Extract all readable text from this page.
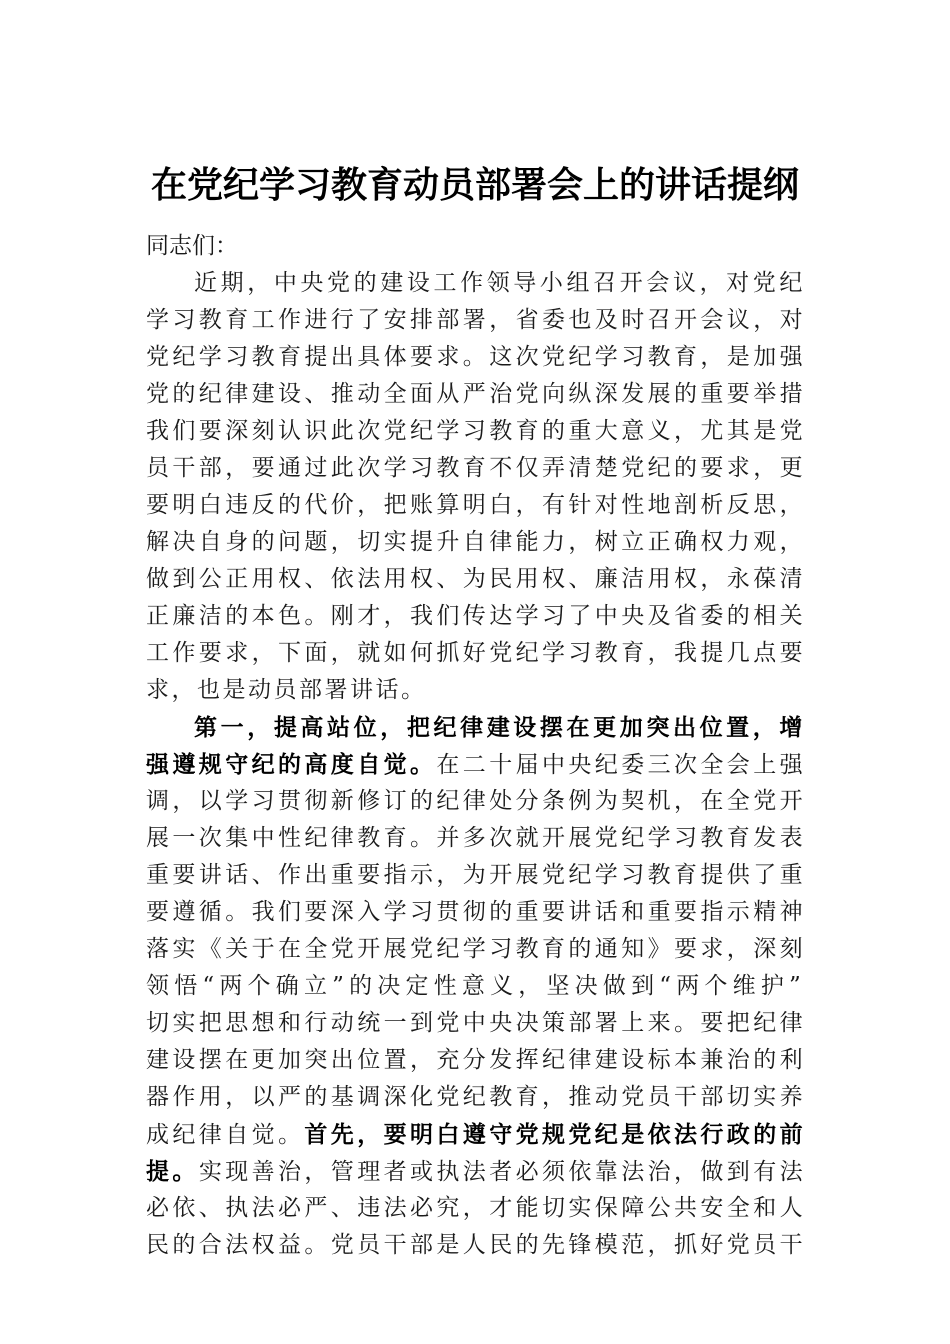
在党纪学习教育动员部署会上的讲话提纲
同志们：
近期，中央党的建设工作领导小组召开会议，对党纪
学习教育工作进行了安排部署，省委也及时召开会议，对
党纪学习教育提出具体要求。这次党纪学习教育，是加强
党的纪律建设、推动全面从严治党向纵深发展的重要举措
我们要深刻认识此次党纪学习教育的重大意义，尤其是党
员干部，要通过此次学习教育不仅弄清楚党纪的要求，更
要明白违反的代价，把账算明白，有针对性地剖析反思，
解决自身的问题，切实提升自律能力，树立正确权力观，
做到公正用权、依法用权、为民用权、廉洁用权，永葆清
正廉洁的本色。刚才，我们传达学习了中央及省委的相关
工作要求，下面，就如何抓好党纪学习教育，我提几点要
求，也是动员部署讲话。
第一，提高站位，把纪律建设摆在更加突出位置，增
强遵规守纪的高度自觉。在二十届中央纪委三次全会上强
调，以学习贯彻新修订的纪律处分条例为契机，在全党开
展一次集中性纪律教育。并多次就开展党纪学习教育发表
重要讲话、作出重要指示，为开展党纪学习教育提供了重
要遵循。我们要深入学习贯彻的重要讲话和重要指示精神
落实《关于在全党开展党纪学习教育的通知》要求，深刻
领悟“两个确立”的决定性意义，坚决做到“两个维护”
切实把思想和行动统一到党中央决策部署上来。要把纪律
建设摆在更加突出位置，充分发挥纪律建设标本兼治的利
器作用，以严的基调深化党纪教育，推动党员干部切实养
成纪律自觉。首先，要明白遵守党规党纪是依法行政的前
提。实现善治，管理者或执法者必须依靠法治，做到有法
必依、执法必严、违法必究，才能切实保障公共安全和人
民的合法权益。党员干部是人民的先锋模范，抓好党员干
